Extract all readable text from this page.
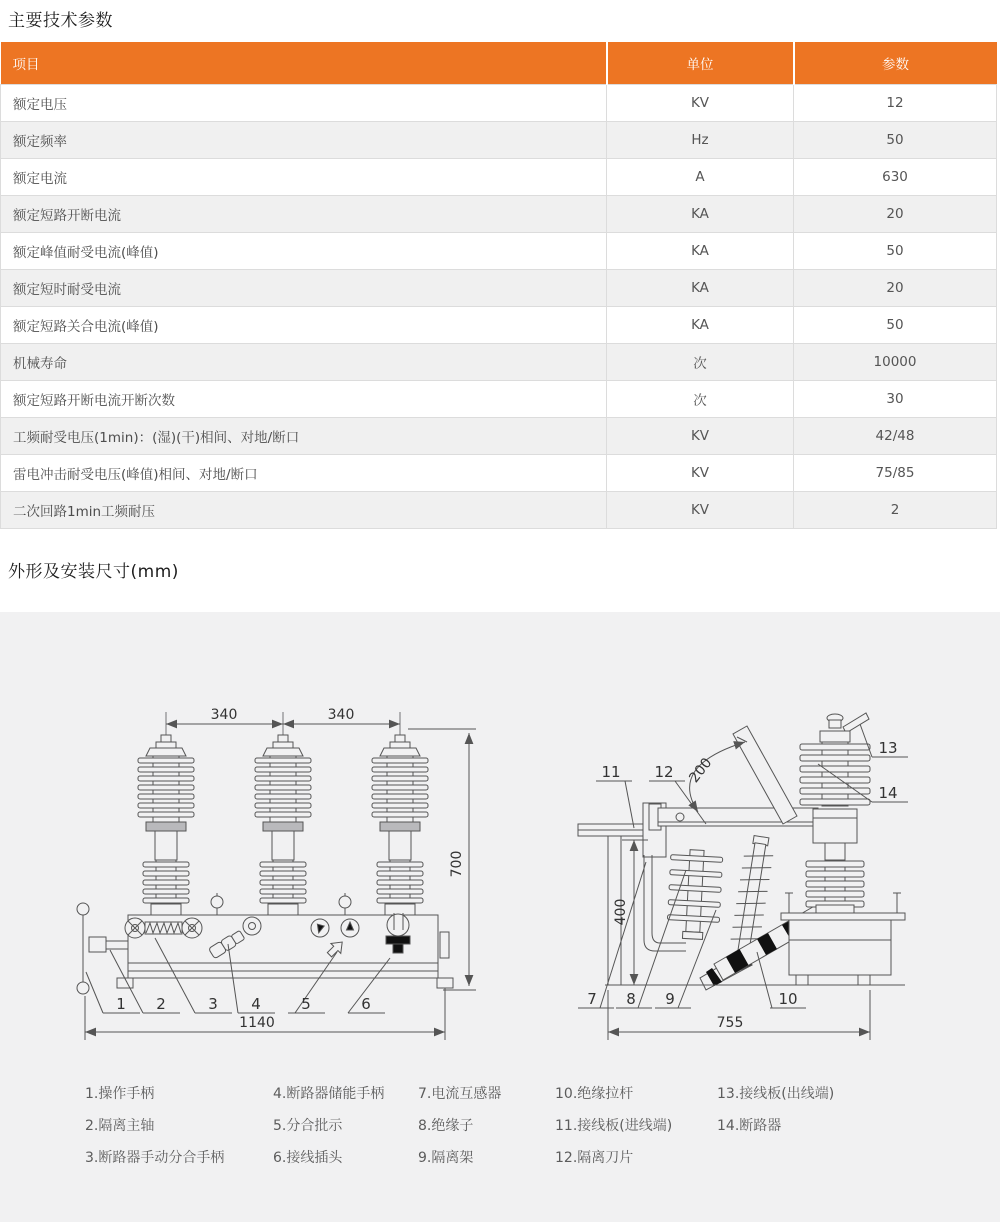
主要技术参数
项目	单位	参数
额定电压	KV	12
额定频率	Hz	50
额定电流	A	630
额定短路开断电流	KA	20
额定峰值耐受电流(峰值)	KA	50
额定短时耐受电流	KA	20
额定短路关合电流(峰值)	KA	50
机械寿命	次	10000
额定短路开断电流开断次数	次	30
工频耐受电压(1min)：(湿)(干)相间、对地/断口	KV	42/48
雷电冲击耐受电压(峰值)相间、对地/断口	KV	75/85
二次回路1min工频耐压	KV	2
外形及安装尺寸(mm)
340	340
700
1140
1 2	3 4	5	6
200
400
755
7 8 9	10
11 12
13
14
1.操作手柄
2.隔离主轴
3.断路器手动分合手柄
4.断路器储能手柄
5.分合批示
6.接线插头
7.电流互感器
8.绝缘子
9.隔离架
10.绝缘拉杆
11.接线板(进线端)
12.隔离刀片
13.接线板(出线端)
14.断路器
